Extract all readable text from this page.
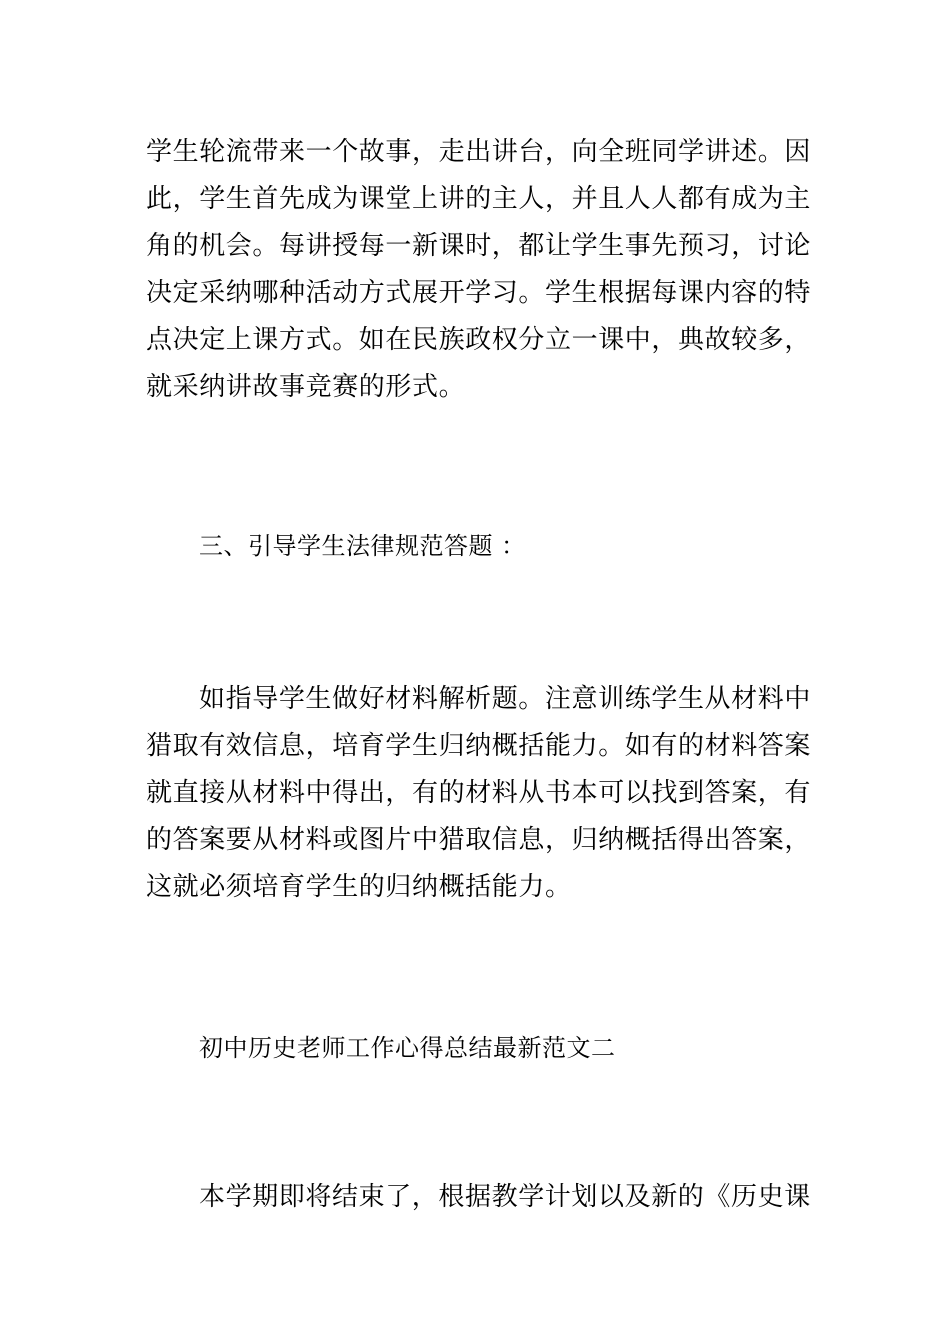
学生轮流带来一个故事，走出讲台，向全班同学讲述。因此，学生首先成为课堂上讲的主人，并且人人都有成为主角的机会。每讲授每一新课时，都让学生事先预习，讨论决定采纳哪种活动方式展开学习。学生根据每课内容的特点决定上课方式。如在民族政权分立一课中，典故较多，就采纳讲故事竞赛的形式。

三、引导学生法律规范答题 ：

如指导学生做好材料解析题。注意训练学生从材料中猎取有效信息，培育学生归纳概括能力。如有的材料答案就直接从材料中得出，有的材料从书本可以找到答案，有的答案要从材料或图片中猎取信息，归纳概括得出答案，这就必须培育学生的归纳概括能力。

初中历史老师工作心得总结最新范文二

本学期即将结束了，根据教学计划以及新的《历史课
